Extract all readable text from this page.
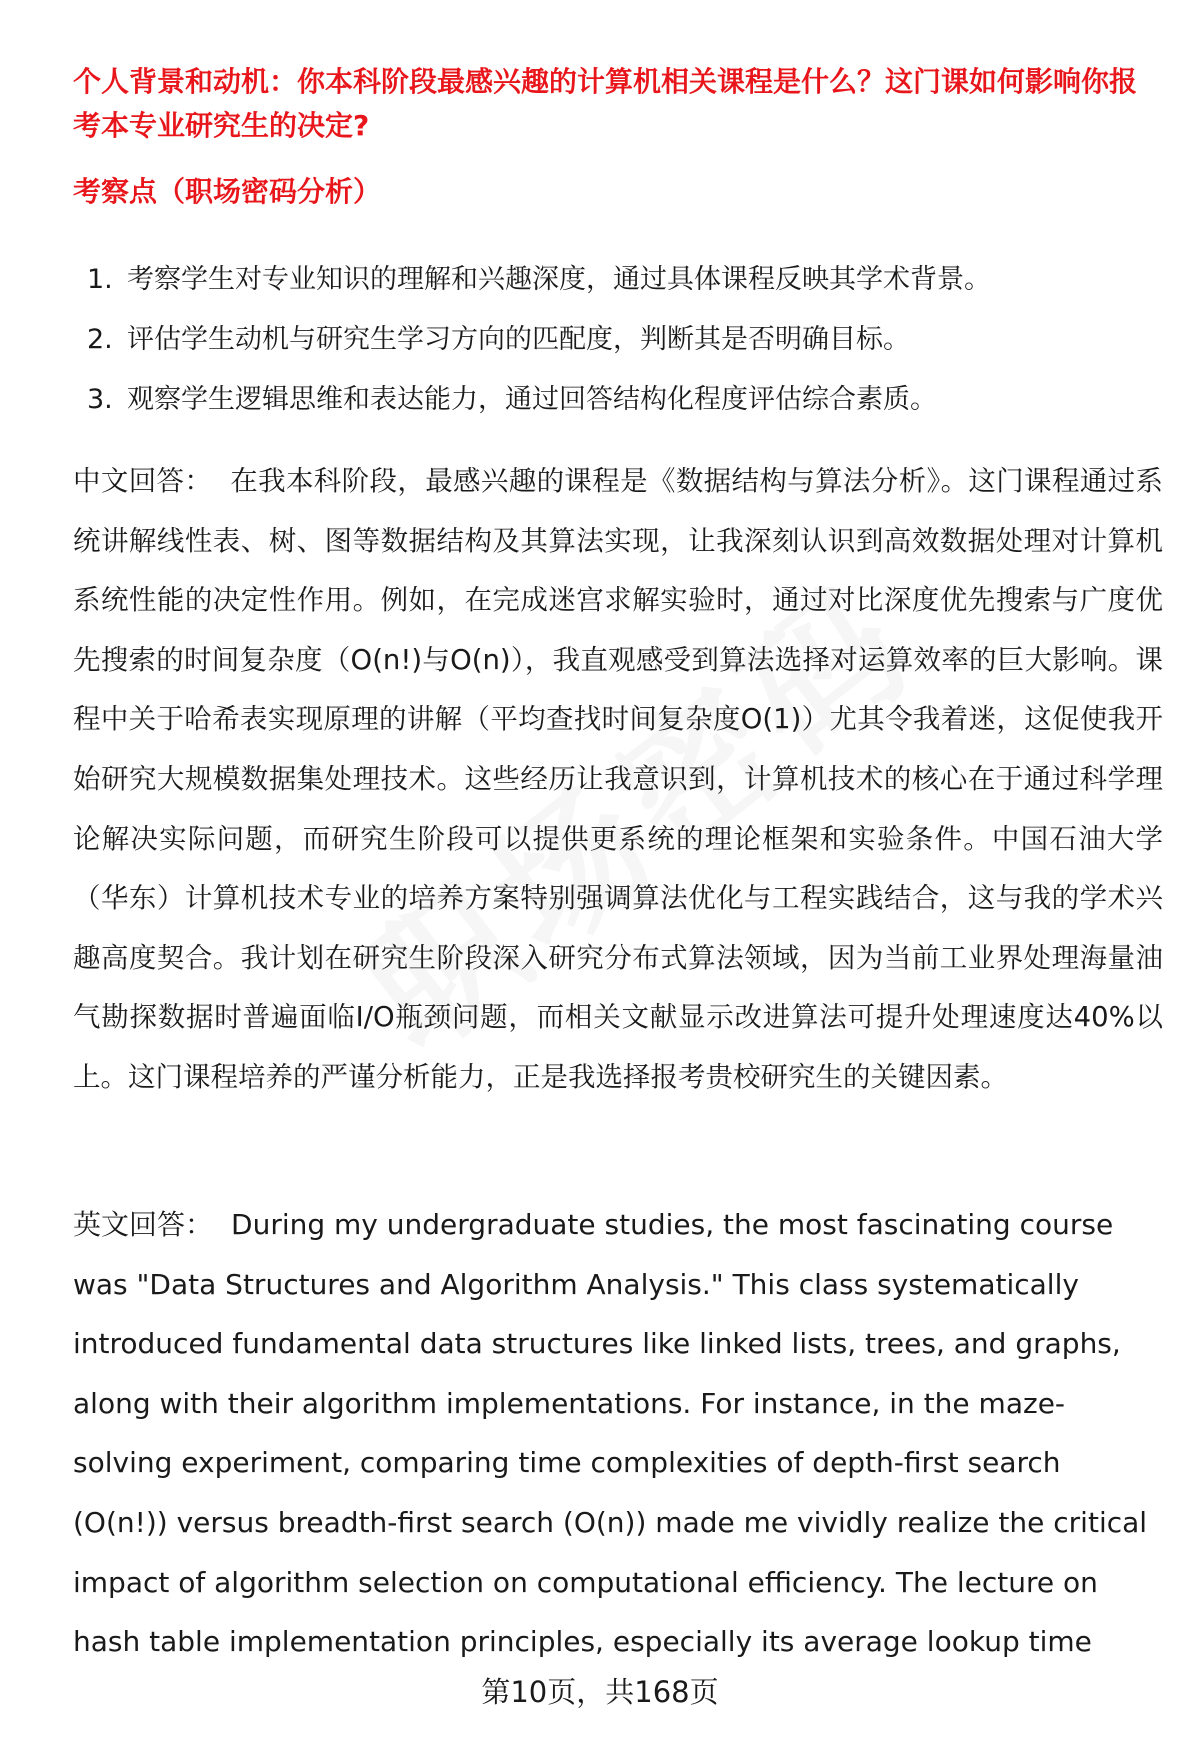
个人背景和动机：你本科阶段最感兴趣的计算机相关课程是什么？这门课如何影响你报考本专业研究生的决定?
考察点（职场密码分析）
1. 考察学生对专业知识的理解和兴趣深度，通过具体课程反映其学术背景。
2. 评估学生动机与研究生学习方向的匹配度，判断其是否明确目标。
3. 观察学生逻辑思维和表达能力，通过回答结构化程度评估综合素质。

中文回答： 在我本科阶段，最感兴趣的课程是《数据结构与算法分析》。这门课程通过系统讲解线性表、树、图等数据结构及其算法实现，让我深刻认识到高效数据处理对计算机系统性能的决定性作用。例如，在完成迷宫求解实验时，通过对比深度优先搜索与广度优先搜索的时间复杂度（O(n!)与O(n)），我直观感受到算法选择对运算效率的巨大影响。课程中关于哈希表实现原理的讲解（平均查找时间复杂度O(1)）尤其令我着迷，这促使我开始研究大规模数据集处理技术。这些经历让我意识到，计算机技术的核心在于通过科学理论解决实际问题，而研究生阶段可以提供更系统的理论框架和实验条件。中国石油大学（华东）计算机技术专业的培养方案特别强调算法优化与工程实践结合，这与我的学术兴趣高度契合。我计划在研究生阶段深入研究分布式算法领域，因为当前工业界处理海量油气勘探数据时普遍面临I/O瓶颈问题，而相关文献显示改进算法可提升处理速度达40%以上。这门课程培养的严谨分析能力，正是我选择报考贵校研究生的关键因素。

英文回答： During my undergraduate studies, the most fascinating course was "Data Structures and Algorithm Analysis." This class systematically introduced fundamental data structures like linked lists, trees, and graphs, along with their algorithm implementations. For instance, in the maze-solving experiment, comparing time complexities of depth-first search (O(n!)) versus breadth-first search (O(n)) made me vividly realize the critical impact of algorithm selection on computational efficiency. The lecture on hash table implementation principles, especially its average lookup time

第10页，共168页
